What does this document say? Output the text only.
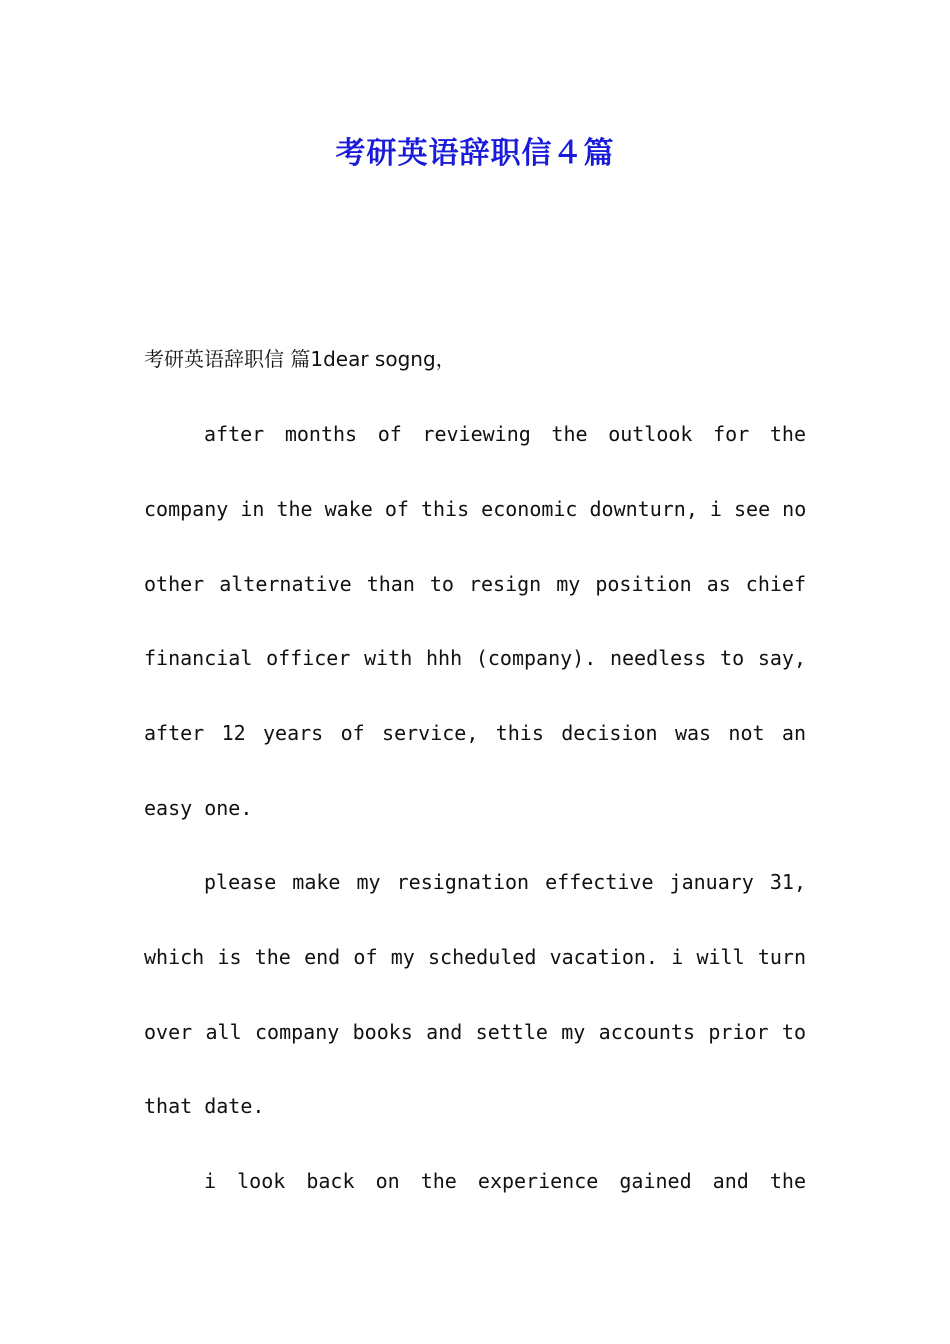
考研英语辞职信４篇
考研英语辞职信 篇1dear sogng，
after months of reviewing the outlook for the
company in the wake of this economic downturn, i see no
other alternative than to resign my position as chief
financial officer with hhh (company). needless to say,
after 12 years of service, this decision was not an
easy one.
please make my resignation effective january 31,
which is the end of my scheduled vacation. i will turn
over all company books and settle my accounts prior to
that date.
i look back on the experience gained and the
